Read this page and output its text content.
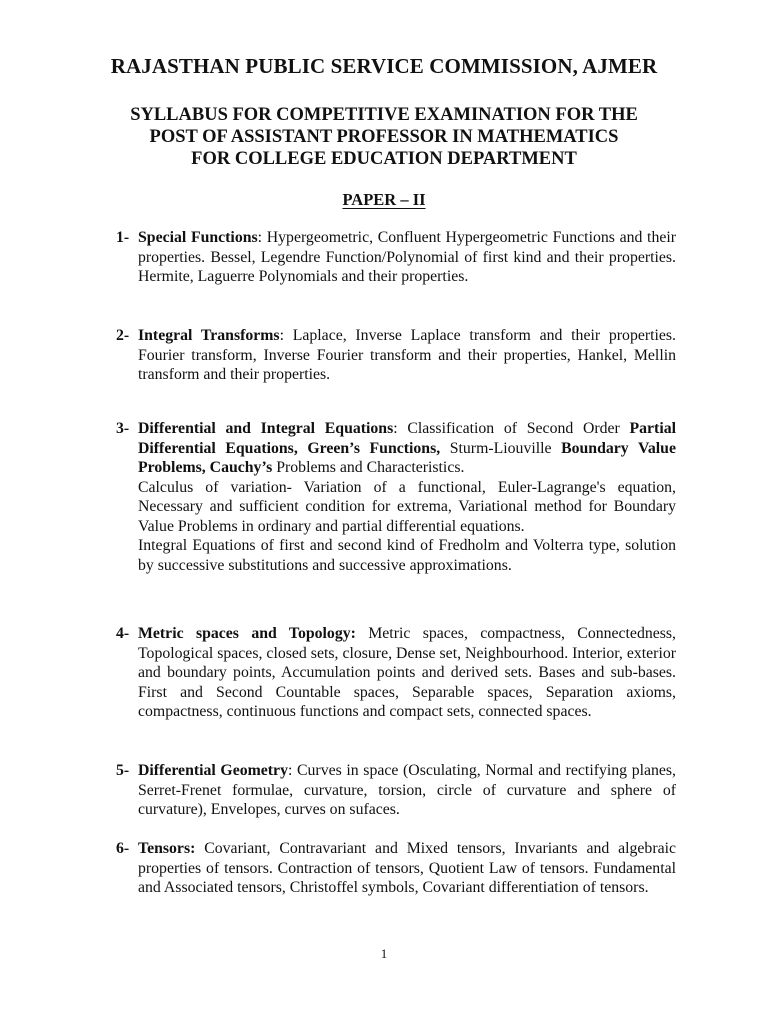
RAJASTHAN PUBLIC SERVICE COMMISSION, AJMER
SYLLABUS FOR COMPETITIVE EXAMINATION FOR THE
POST OF ASSISTANT PROFESSOR IN MATHEMATICS
FOR COLLEGE EDUCATION DEPARTMENT
PAPER – II
1- Special Functions: Hypergeometric, Confluent Hypergeometric Functions and their properties. Bessel, Legendre Function/Polynomial of first kind and their properties. Hermite, Laguerre Polynomials and their properties.
2- Integral Transforms: Laplace, Inverse Laplace transform and their properties. Fourier transform, Inverse Fourier transform and their properties, Hankel, Mellin transform and their properties.
3- Differential and Integral Equations: Classification of Second Order Partial Differential Equations, Green’s Functions, Sturm-Liouville Boundary Value Problems, Cauchy’s Problems and Characteristics.

Calculus of variation- Variation of a functional, Euler-Lagrange's equation, Necessary and sufficient condition for extrema, Variational method for Boundary Value Problems in ordinary and partial differential equations.

Integral Equations of first and second kind of Fredholm and Volterra type, solution by successive substitutions and successive approximations.

4- Metric spaces and Topology: Metric spaces, compactness, Connectedness, Topological spaces, closed sets, closure, Dense set, Neighbourhood. Interior, exterior and boundary points, Accumulation points and derived sets. Bases and sub-bases. First and Second Countable spaces, Separable spaces, Separation axioms, compactness, continuous functions and compact sets, connected spaces.
5- Differential Geometry: Curves in space (Osculating, Normal and rectifying planes, Serret-Frenet formulae, curvature, torsion, circle of curvature and sphere of curvature), Envelopes, curves on sufaces.
6- Tensors: Covariant, Contravariant and Mixed tensors, Invariants and algebraic properties of tensors. Contraction of tensors, Quotient Law of tensors. Fundamental and Associated tensors, Christoffel symbols, Covariant differentiation of tensors.
1
